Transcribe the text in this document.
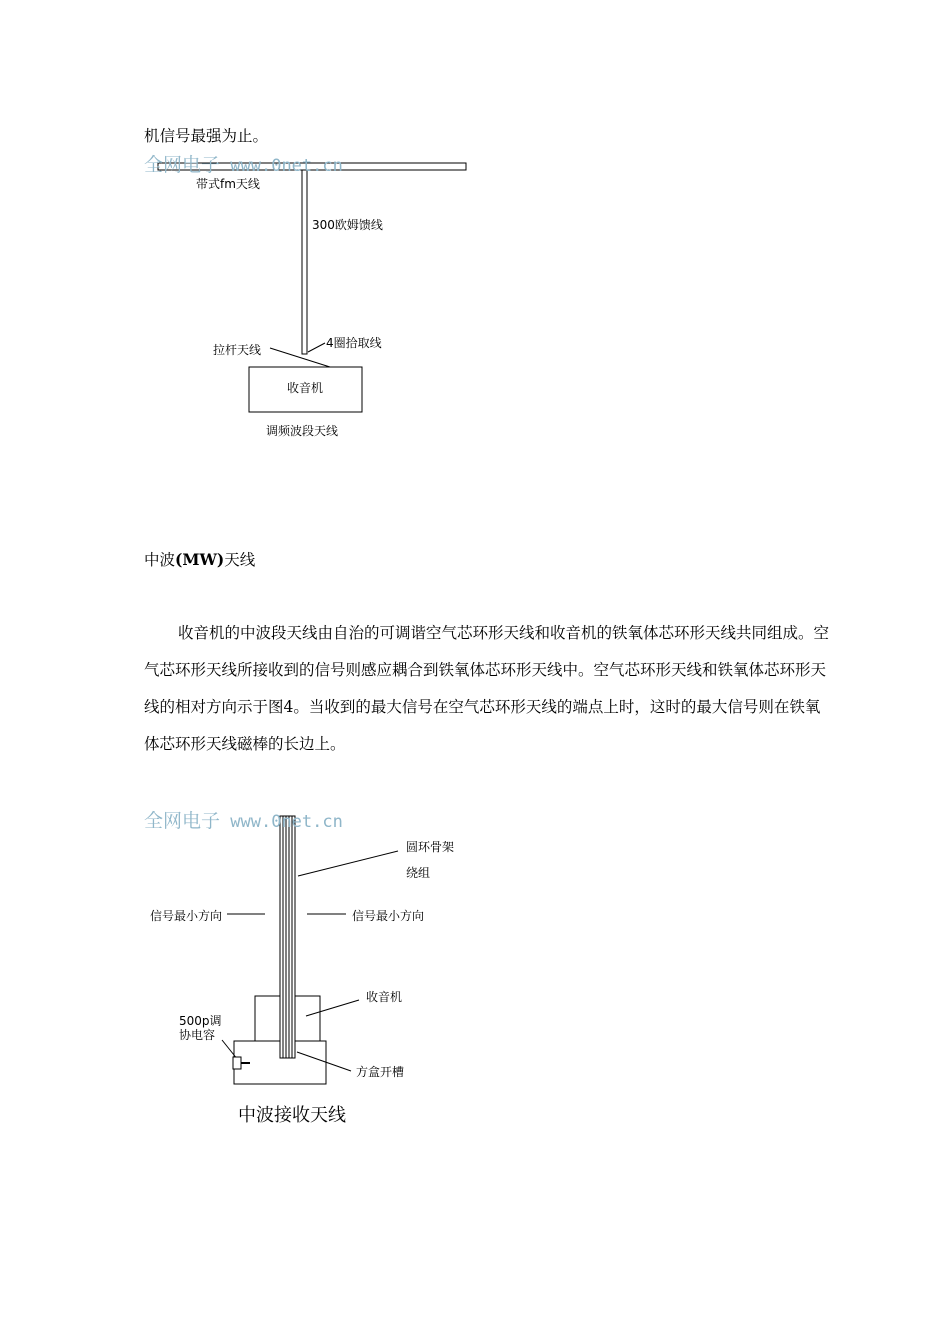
机信号最强为止。
全网电子 www.0net.cn
带式fm天线
300欧姆馈线
4圈拾取线
拉杆天线
收音机
调频波段天线
中波(MW)天线
收音机的中波段天线由自治的可调谐空气芯环形天线和收音机的铁氧体芯环形天线共同组成。空气芯环形天线所接收到的信号则感应耦合到铁氧体芯环形天线中。空气芯环形天线和铁氧体芯环形天线的相对方向示于图4。当收到的最大信号在空气芯环形天线的端点上时，这时的最大信号则在铁氧体芯环形天线磁棒的长边上。
全网电子 www.0net.cn
圆环骨架
绕组
信号最小方向	信号最小方向
收音机
500p调
协电容
方盒开槽
中波接收天线
